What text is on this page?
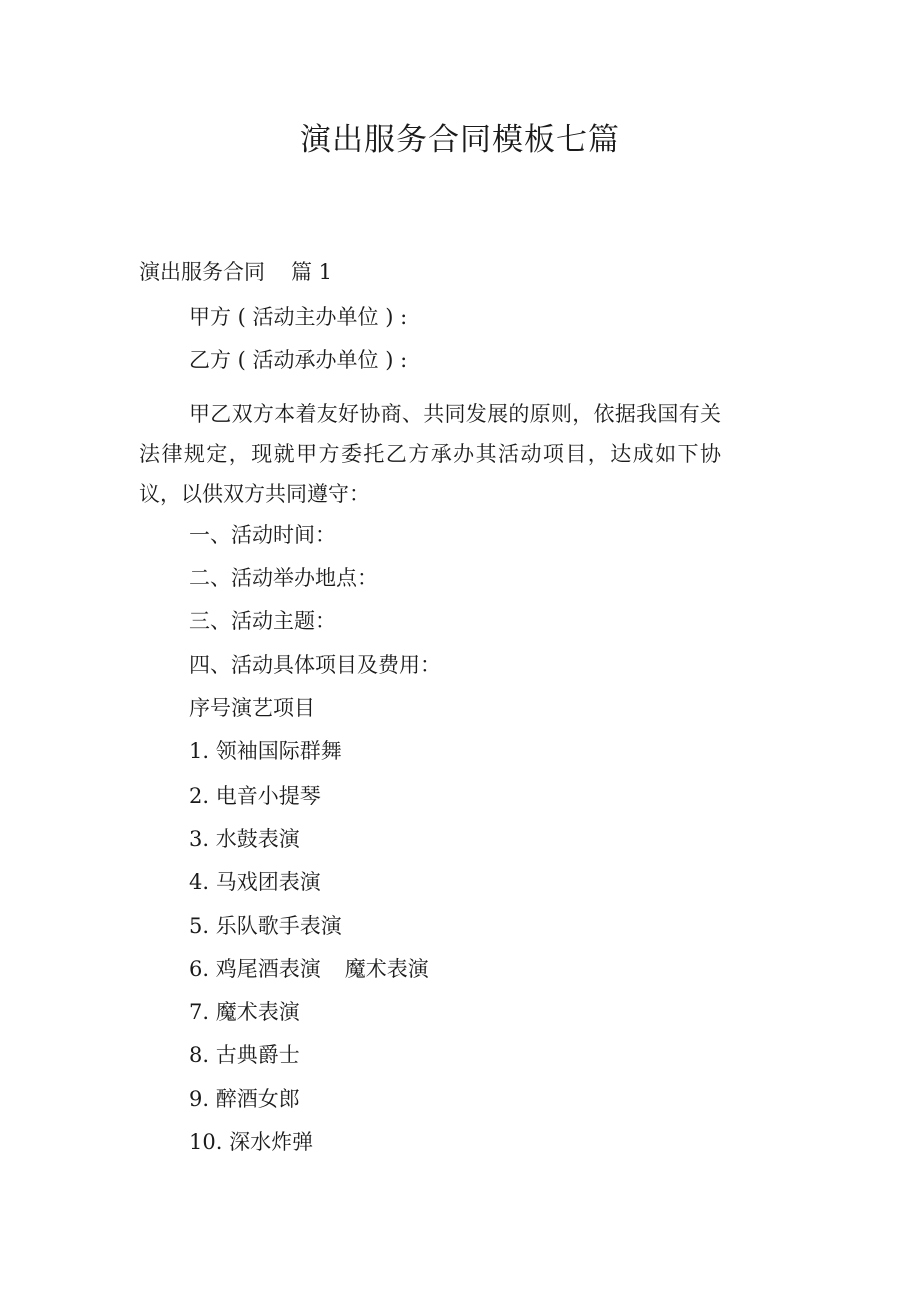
演出服务合同模板七篇
演出服务合同 篇 1
甲方 ( 活动主办单位 ) :
乙方 ( 活动承办单位 ) :
甲乙双方本着友好协商、共同发展的原则，依据我国有关法律规定，现就甲方委托乙方承办其活动项目，达成如下协议，以供双方共同遵守：
一、活动时间：
二、活动举办地点：
三、活动主题：
四、活动具体项目及费用：
序号演艺项目
1. 领袖国际群舞
2. 电音小提琴
3. 水鼓表演
4. 马戏团表演
5. 乐队歌手表演
6. 鸡尾酒表演 魔术表演
7. 魔术表演
8. 古典爵士
9. 醉酒女郎
10. 深水炸弹
